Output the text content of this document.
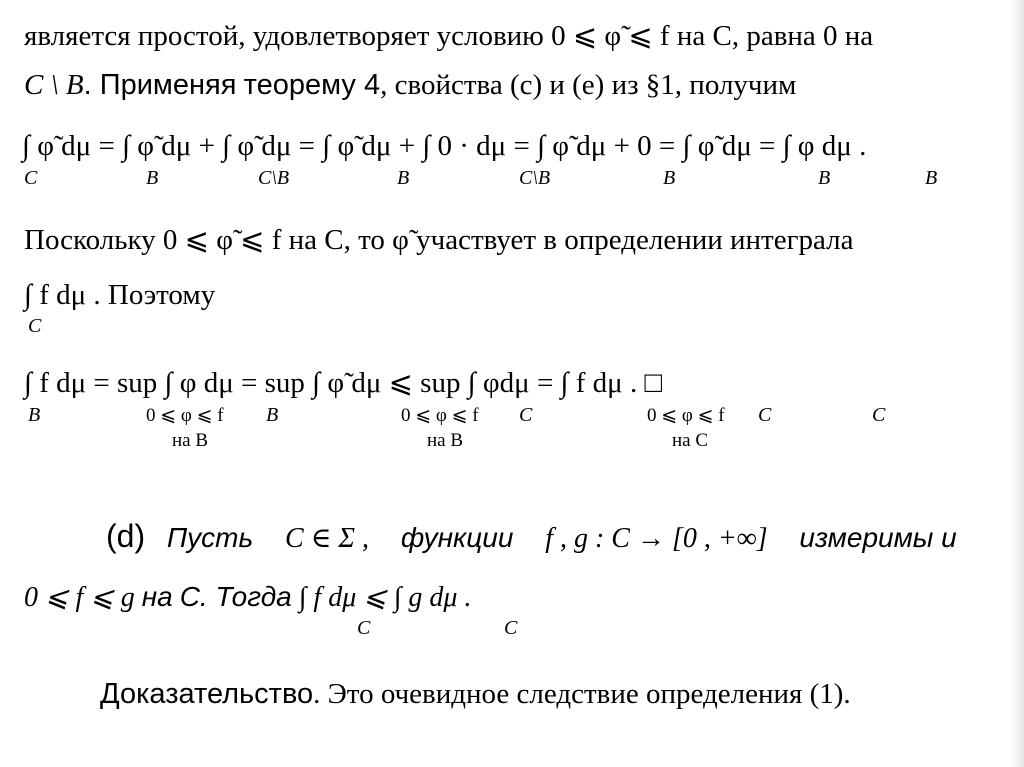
является простой, удовлетворяет условию 0 ⩽ φ̃ ⩽ f на C, равна 0 на
C \ B. Применяя теорему 4, свойства (c) и (e) из §1, получим
∫ φ̃ dμ = ∫ φ̃ dμ + ∫ φ̃ dμ = ∫ φ̃ dμ + ∫ 0 · dμ = ∫ φ̃ dμ + 0 = ∫ φ̃ dμ = ∫ φ dμ .
C	B	C\B	B	C\B	B	B	B
Поскольку 0 ⩽ φ̃ ⩽ f на C, то φ̃ участвует в определении интеграла
∫ f dμ . Поэтому
C
∫ f dμ = sup ∫ φ dμ = sup ∫ φ̃ dμ ⩽ sup ∫ φdμ = ∫ f dμ . □
B	B	C	C	C
0 ⩽ φ ⩽ f
на B
0 ⩽ φ ⩽ f
на B
0 ⩽ φ ⩽ f
на C
(d) Пусть C ∈ Σ , функции f , g : C → [0 , +∞] измеримы и
0 ⩽ f ⩽ g на C. Тогда ∫ f dμ ⩽ ∫ g dμ .
C	C
Доказательство. Это очевидное следствие определения (1).
